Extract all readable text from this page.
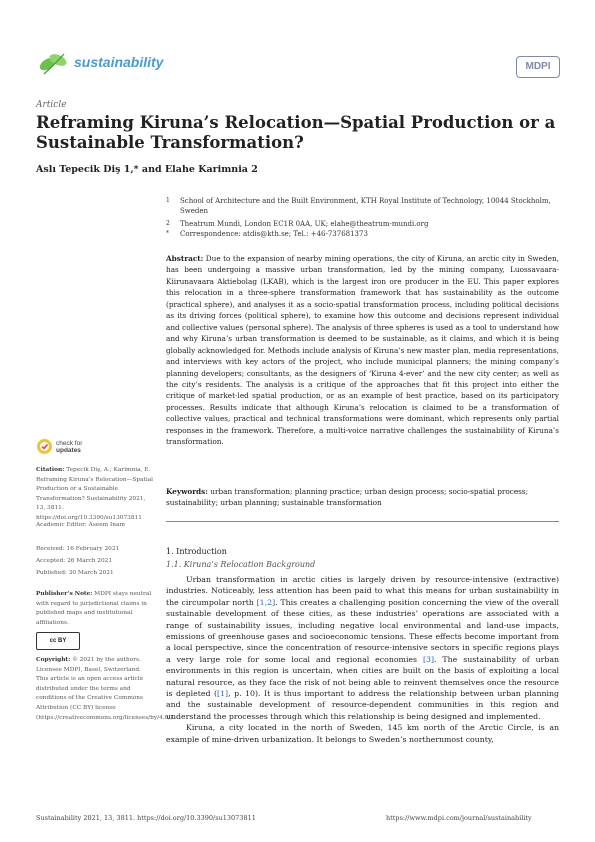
sustainability	MDPI
Article
Reframing Kiruna’s Relocation—Spatial Production or a Sustainable Transformation?
Aslı Tepecik Diş 1,* and Elahe Karimnia 2
1 School of Architecture and the Built Environment, KTH Royal Institute of Technology, 10044 Stockholm, Sweden
2 Theatrum Mundi, London EC1R 0AA, UK; elahe@theatrum-mundi.org
* Correspondence: atdis@kth.se; Tel.: +46-737681373
Abstract: Due to the expansion of nearby mining operations, the city of Kiruna, an arctic city in Sweden, has been undergoing a massive urban transformation, led by the mining company, Luossavaara-Kiirunavaara Aktiebolag (LKAB), which is the largest iron ore producer in the EU. This paper explores this relocation in a three-sphere transformation framework that has sustainability as the outcome (practical sphere), and analyses it as a socio-spatial transformation process, including political decisions as its driving forces (political sphere), to examine how this outcome and decisions represent individual and collective values (personal sphere). The analysis of three spheres is used as a tool to understand how and why Kiruna’s urban transformation is deemed to be sustainable, as it claims, and which it is being globally acknowledged for. Methods include analysis of Kiruna’s new master plan, media representations, and interviews with key actors of the project, who include municipal planners; the mining company’s planning developers; consultants, as the designers of ‘Kiruna 4-ever’ and the new city center; as well as the city’s residents. The analysis is a critique of the approaches that fit this project into either the critique of market-led spatial production, or as an example of best practice, based on its participatory processes. Results indicate that although Kiruna’s relocation is claimed to be a transformation of collective values, practical and technical transformations were dominant, which represents only partial responses in the framework. Therefore, a multi-voice narrative challenges the sustainability of Kiruna’s transformation.
Keywords: urban transformation; planning practice; urban design process; socio-spatial process; sustainability; urban planning; sustainable transformation
check for
updates
Citation: Tepecik Diş, A.; Karimnia, E. Reframing Kiruna’s Relocation—Spatial Production or a Sustainable Transformation? Sustainability 2021, 13, 3811. https://doi.org/10.3390/su13073811
Academic Editor: Aseem Inam
Received: 16 February 2021
Accepted: 26 March 2021
Published: 30 March 2021
Publisher’s Note: MDPI stays neutral with regard to jurisdictional claims in published maps and institutional affiliations.
cc BY
Copyright: © 2021 by the authors. Licensee MDPI, Basel, Switzerland. This article is an open access article distributed under the terms and conditions of the Creative Commons Attribution (CC BY) license (https://creativecommons.org/licenses/by/4.0/).
1. Introduction
1.1. Kiruna’s Relocation Background

Urban transformation in arctic cities is largely driven by resource-intensive (extractive) industries. Noticeably, less attention has been paid to what this means for urban sustainability in the circumpolar north [1,2]. This creates a challenging position concerning the view of the overall sustainable development of these cities, as these industries’ operations are associated with a range of sustainability issues, including negative local environmental and land-use impacts, emissions of greenhouse gases and socioeconomic tensions. These effects become important from a local perspective, since the concentration of resource-intensive sectors in specific regions plays a very large role for some local and regional economies [3]. The sustainability of urban environments in this region is uncertain, when cities are built on the basis of exploiting a local natural resource, as they face the risk of not being able to reinvent themselves once the resource is depleted ([1], p. 10). It is thus important to address the relationship between urban planning and the sustainable development of resource-dependent communities in this region and understand the processes through which this relationship is being designed and implemented.

Kiruna, a city located in the north of Sweden, 145 km north of the Arctic Circle, is an example of mine-driven urbanization. It belongs to Sweden’s northernmost county,

Sustainability 2021, 13, 3811. https://doi.org/10.3390/su13073811	https://www.mdpi.com/journal/sustainability
